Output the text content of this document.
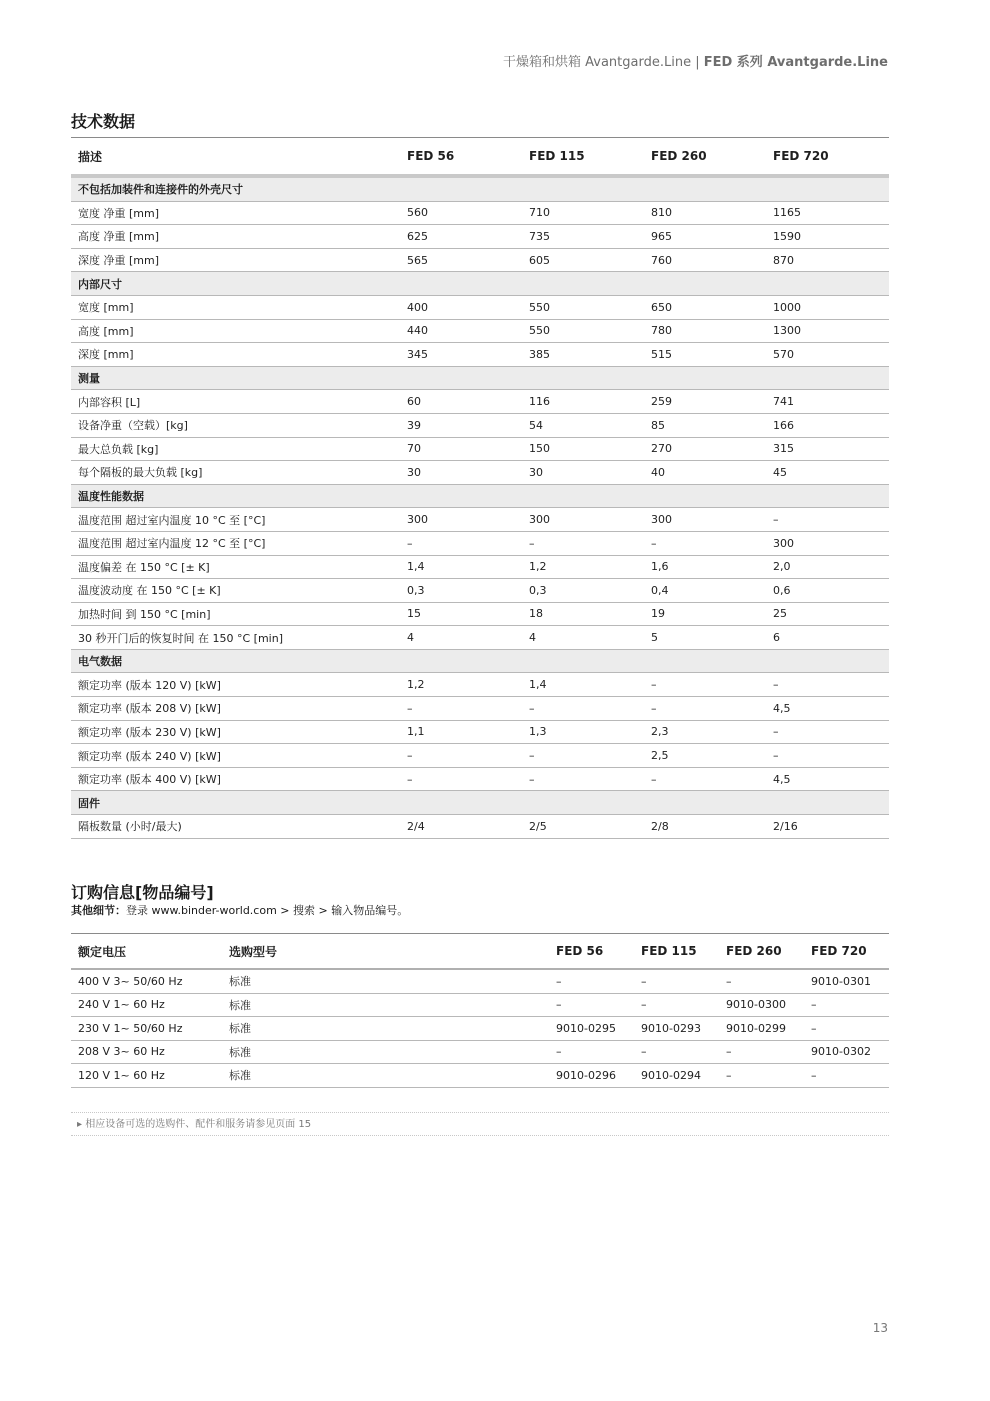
干燥箱和烘箱 Avantgarde.Line | FED 系列 Avantgarde.Line
技术数据
描述	FED 56	FED 115	FED 260	FED 720
不包括加装件和连接件的外壳尺寸				
宽度 净重 [mm]	560	710	810	1165
高度 净重 [mm]	625	735	965	1590
深度 净重 [mm]	565	605	760	870
内部尺寸				
宽度 [mm]	400	550	650	1000
高度 [mm]	440	550	780	1300
深度 [mm]	345	385	515	570
测量				
内部容积 [L]	60	116	259	741
设备净重（空载）[kg]	39	54	85	166
最大总负载 [kg]	70	150	270	315
每个隔板的最大负载 [kg]	30	30	40	45
温度性能数据				
温度范围 超过室内温度 10 °C 至 [°C]	300	300	300	–
温度范围 超过室内温度 12 °C 至 [°C]	–	–	–	300
温度偏差 在 150 °C [± K]	1,4	1,2	1,6	2,0
温度波动度 在 150 °C [± K]	0,3	0,3	0,4	0,6
加热时间 到 150 °C [min]	15	18	19	25
30 秒开门后的恢复时间 在 150 °C [min]	4	4	5	6
电气数据				
额定功率 (版本 120 V) [kW]	1,2	1,4	–	–
额定功率 (版本 208 V) [kW]	–	–	–	4,5
额定功率 (版本 230 V) [kW]	1,1	1,3	2,3	–
额定功率 (版本 240 V) [kW]	–	–	2,5	–
额定功率 (版本 400 V) [kW]	–	–	–	4,5
固件				
隔板数量 (小时/最大)	2/4	2/5	2/8	2/16
订购信息[物品编号]
其他细节：登录 www.binder-world.com > 搜索 > 输入物品编号。
额定电压	选购型号	FED 56	FED 115	FED 260	FED 720
400 V 3~ 50/60 Hz	标准	–	–	–	9010-0301
240 V 1~ 60 Hz	标准	–	–	9010-0300	–
230 V 1~ 50/60 Hz	标准	9010-0295	9010-0293	9010-0299	–
208 V 3~ 60 Hz	标准	–	–	–	9010-0302
120 V 1~ 60 Hz	标准	9010-0296	9010-0294	–	–
▸ 相应设备可选的选购件、配件和服务请参见页面 15
13
